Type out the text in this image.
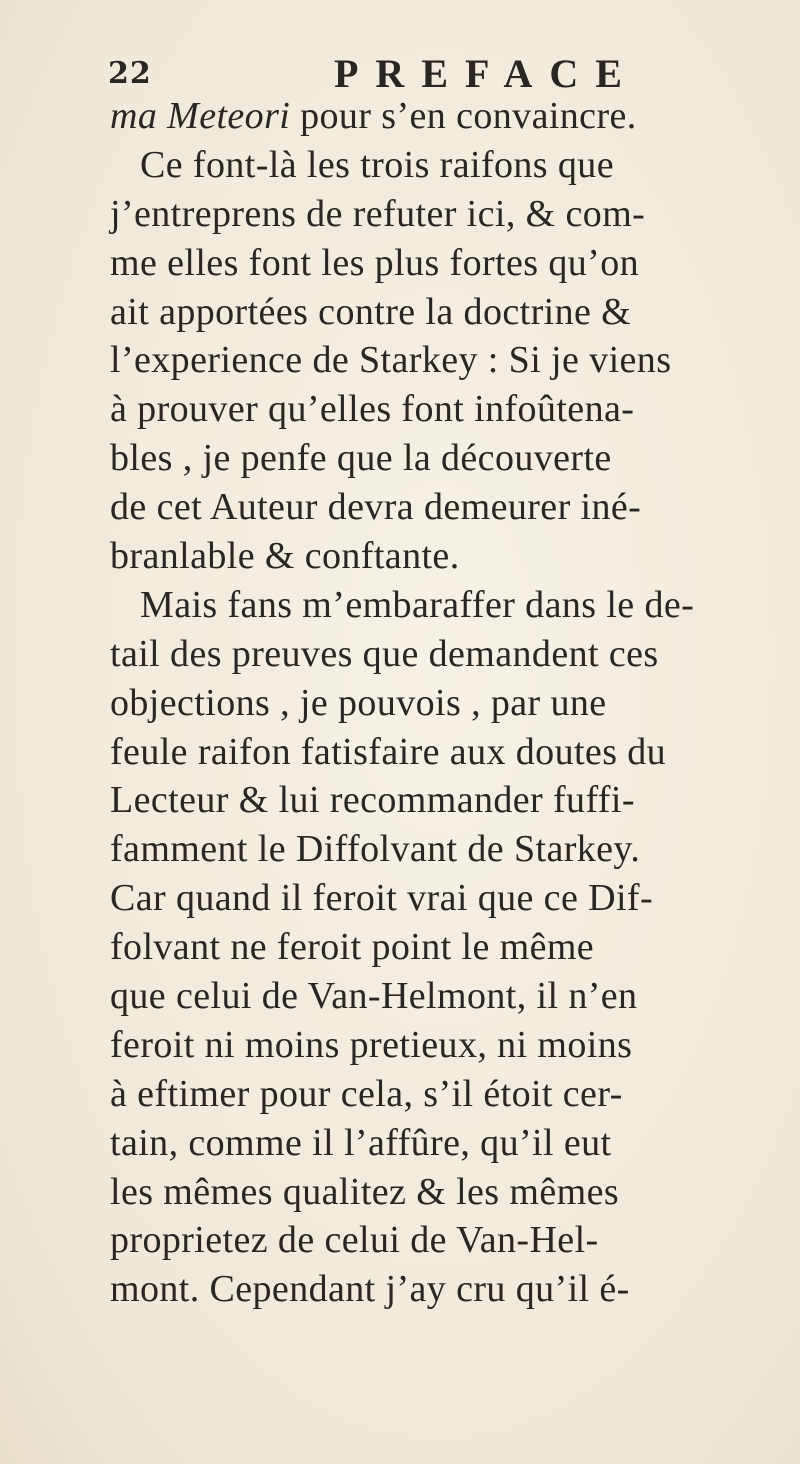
22	PREFACE
ma Meteori pour s’en convaincre.
Ce font-là les trois raifons que
j’entreprens de refuter ici, & com-
me elles font les plus fortes qu’on
ait apportées contre la doctrine &
l’experience de Starkey : Si je viens
à prouver qu’elles font infoûtena-
bles , je penfe que la découverte
de cet Auteur devra demeurer iné-
branlable & conftante.
Mais fans m’embaraffer dans le de-
tail des preuves que demandent ces
objections , je pouvois , par une
feule raifon fatisfaire aux doutes du
Lecteur & lui recommander fuffi-
famment le Diffolvant de Starkey.
Car quand il feroit vrai que ce Dif-
folvant ne feroit point le même
que celui de Van-Helmont, il n’en
feroit ni moins pretieux, ni moins
à eftimer pour cela, s’il étoit cer-
tain, comme il l’affûre, qu’il eut
les mêmes qualitez & les mêmes
proprietez de celui de Van-Hel-
mont. Cependant j’ay cru qu’il é-
